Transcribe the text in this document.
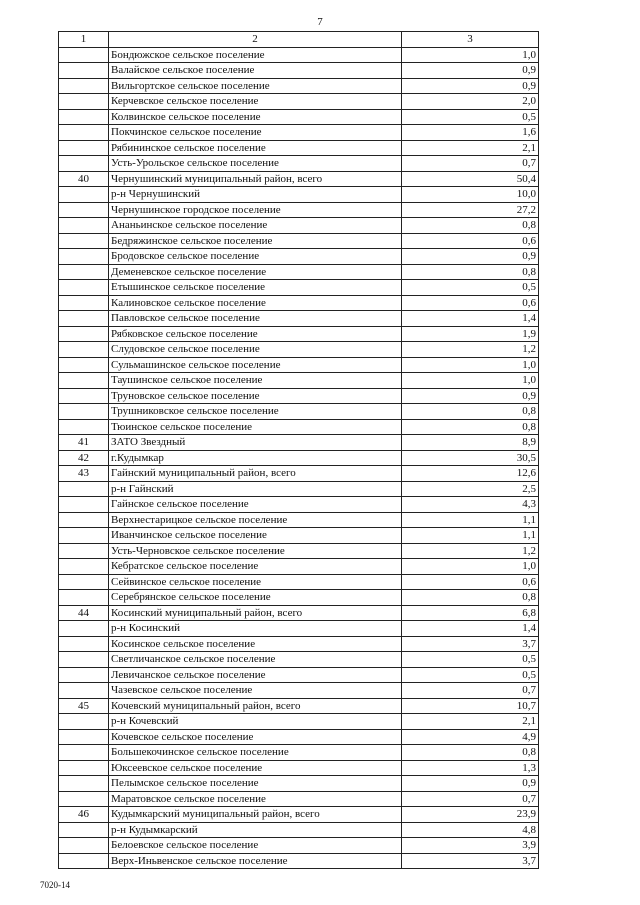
7
1	2	3
	Бондюжское сельское поселение	1,0
	Валайское сельское поселение	0,9
	Вильгортское сельское поселение	0,9
	Керчевское сельское поселение	2,0
	Колвинское сельское поселение	0,5
	Покчинское сельское поселение	1,6
	Рябининское сельское поселение	2,1
	Усть-Урольское сельское поселение	0,7
40	Чернушинский муниципальный район, всего	50,4
	р-н Чернушинский	10,0
	Чернушинское городское поселение	27,2
	Ананьинское сельское поселение	0,8
	Бедряжинское сельское поселение	0,6
	Бродовское сельское поселение	0,9
	Деменевское сельское поселение	0,8
	Етышинское сельское поселение	0,5
	Калиновское сельское поселение	0,6
	Павловское сельское поселение	1,4
	Рябковское сельское поселение	1,9
	Слудовское сельское поселение	1,2
	Сульмашинское сельское поселение	1,0
	Таушинское сельское поселение	1,0
	Труновское сельское поселение	0,9
	Трушниковское сельское поселение	0,8
	Тюинское сельское поселение	0,8
41	ЗАТО Звездный	8,9
42	г.Кудымкар	30,5
43	Гайнский муниципальный район, всего	12,6
	р-н Гайнский	2,5
	Гайнское сельское поселение	4,3
	Верхнестарицкое сельское поселение	1,1
	Иванчинское сельское поселение	1,1
	Усть-Черновское сельское поселение	1,2
	Кебратское сельское поселение	1,0
	Сейвинское сельское поселение	0,6
	Серебрянское сельское поселение	0,8
44	Косинский муниципальный район, всего	6,8
	р-н Косинский	1,4
	Косинское сельское поселение	3,7
	Светличанское сельское поселение	0,5
	Левичанское сельское поселение	0,5
	Чазевское сельское поселение	0,7
45	Кочевский муниципальный район, всего	10,7
	р-н Кочевский	2,1
	Кочевское сельское поселение	4,9
	Большекочинское сельское поселение	0,8
	Юксеевское сельское поселение	1,3
	Пелымское сельское поселение	0,9
	Маратовское сельское поселение	0,7
46	Кудымкарский муниципальный район, всего	23,9
	р-н Кудымкарский	4,8
	Белоевское сельское поселение	3,9
	Верх-Иньвенское сельское поселение	3,7
7020-14
